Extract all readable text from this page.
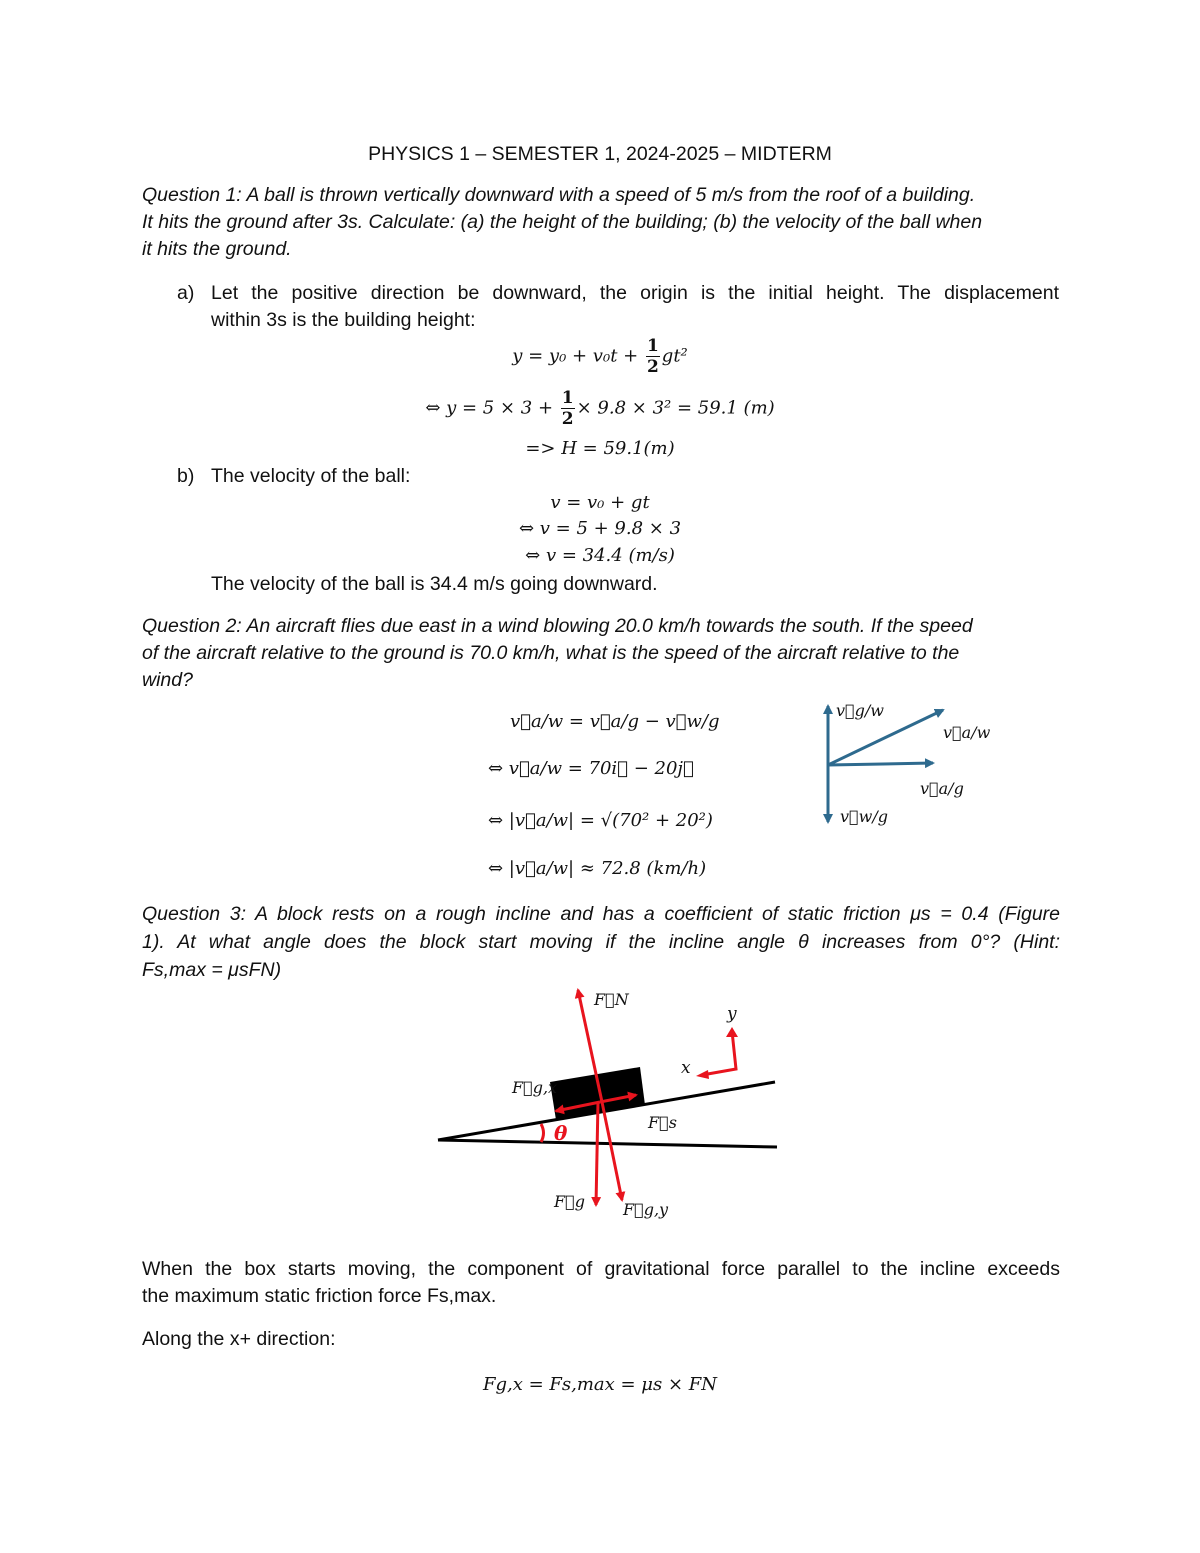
PHYSICS 1 – SEMESTER 1, 2024-2025 – MIDTERM
Question 1: A ball is thrown vertically downward with a speed of 5 m/s from the roof of a building.
It hits the ground after 3s. Calculate: (a) the height of the building; (b) the velocity of the ball when
it hits the ground.
a) Let the positive direction be downward, the origin is the initial height. The displacement
within 3s is the building height:
$y = y_0 + v_0t + \frac{1}{2} gt^2$
⇔ $y = 5 \times 3 + \frac{1}{2} \times 9.8 \times 3^2 = 59.1$ (m)
=> H = 59.1(m)
b) The velocity of the ball:
v = v₀ + gt
⇔ v = 5 + 9.8 × 3
⇔ v = 34.4 (m/s)
The velocity of the ball is 34.4 m/s going downward.
Question 2: An aircraft flies due east in a wind blowing 20.0 km/h towards the south. If the speed
of the aircraft relative to the ground is 70.0 km/h, what is the speed of the aircraft relative to the
wind?
v⃗a/w = v⃗a/g − v⃗w/g
⇔ v⃗a/w = 70i⃗ − 20j⃗
⇔ |v⃗a/w| = √(70² + 20²)
⇔ |v⃗a/w| ≈ 72.8 (km/h)
v⃗g/w
v⃗a/w
v⃗a/g
v⃗w/g
Question 3: A block rests on a rough incline and has a coefficient of static friction μs = 0.4 (Figure
1). At what angle does the block start moving if the incline angle θ increases from 0°? (Hint:
Fs,max = μsFN)
θ
F⃗N
y
x
F⃗g,x
F⃗s
F⃗g F⃗g,y
When the box starts moving, the component of gravitational force parallel to the incline exceeds
the maximum static friction force Fs,max.
Along the x+ direction:
Fg,x = Fs,max = μs × FN
